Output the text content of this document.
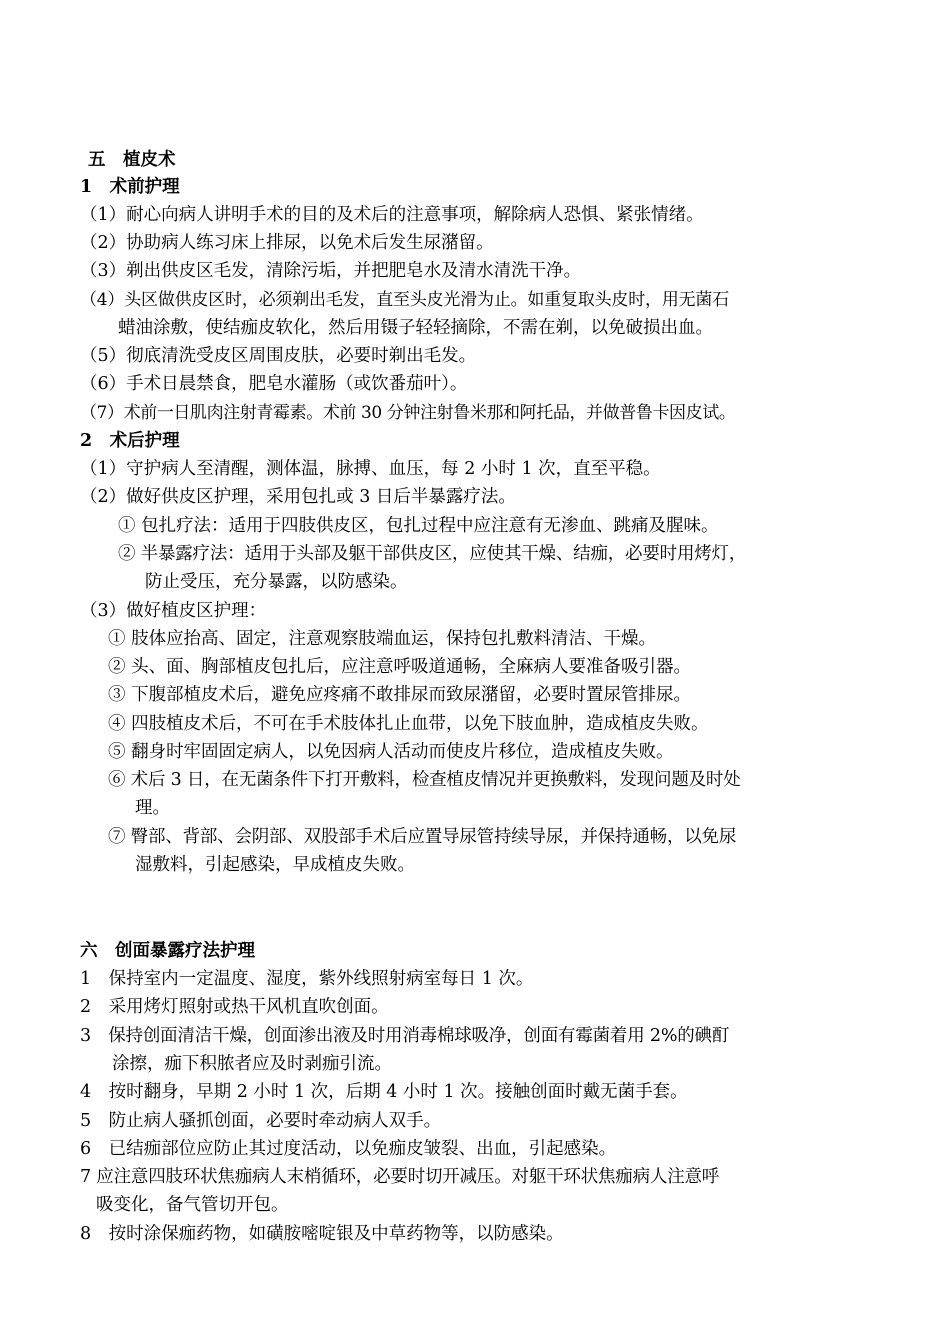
五　植皮术
1　术前护理
（1）耐心向病人讲明手术的目的及术后的注意事项，解除病人恐惧、紧张情绪。
（2）协助病人练习床上排尿，以免术后发生尿潴留。
（3）剃出供皮区毛发，清除污垢，并把肥皂水及清水清洗干净。
（4）头区做供皮区时，必须剃出毛发，直至头皮光滑为止。如重复取头皮时，用无菌石
蜡油涂敷，使结痂皮软化，然后用镊子轻轻摘除，不需在剃，以免破损出血。
（5）彻底清洗受皮区周围皮肤，必要时剃出毛发。
（6）手术日晨禁食，肥皂水灌肠（或饮番茄叶）。
（7）术前一日肌肉注射青霉素。术前 30 分钟注射鲁米那和阿托品，并做普鲁卡因皮试。
2　术后护理
（1）守护病人至清醒，测体温，脉搏、血压，每 2 小时 1 次，直至平稳。
（2）做好供皮区护理，采用包扎或 3 日后半暴露疗法。
① 包扎疗法：适用于四肢供皮区，包扎过程中应注意有无渗血、跳痛及腥味。
② 半暴露疗法：适用于头部及躯干部供皮区，应使其干燥、结痂，必要时用烤灯，
防止受压，充分暴露，以防感染。
（3）做好植皮区护理：
① 肢体应抬高、固定，注意观察肢端血运，保持包扎敷料清洁、干燥。
② 头、面、胸部植皮包扎后，应注意呼吸道通畅，全麻病人要准备吸引器。
③ 下腹部植皮术后，避免应疼痛不敢排尿而致尿潴留，必要时置尿管排尿。
④ 四肢植皮术后，不可在手术肢体扎止血带，以免下肢血肿，造成植皮失败。
⑤ 翻身时牢固固定病人，以免因病人活动而使皮片移位，造成植皮失败。
⑥ 术后 3 日，在无菌条件下打开敷料，检查植皮情况并更换敷料，发现问题及时处
理。
⑦ 臀部、背部、会阴部、双股部手术后应置导尿管持续导尿，并保持通畅，以免尿
湿敷料，引起感染，早成植皮失败。
六　创面暴露疗法护理
1　保持室内一定温度、湿度，紫外线照射病室每日 1 次。
2　采用烤灯照射或热干风机直吹创面。
3　保持创面清洁干燥，创面渗出液及时用消毒棉球吸净，创面有霉菌着用 2%的碘酊
涂擦，痂下积脓者应及时剥痂引流。
4　按时翻身，早期 2 小时 1 次，后期 4 小时 1 次。接触创面时戴无菌手套。
5　防止病人骚抓创面，必要时牵动病人双手。
6　已结痂部位应防止其过度活动，以免痂皮皱裂、出血，引起感染。
7 应注意四肢环状焦痂病人末梢循环，必要时切开减压。对躯干环状焦痂病人注意呼
吸变化，备气管切开包。
8　按时涂保痂药物，如磺胺嘧啶银及中草药物等，以防感染。
